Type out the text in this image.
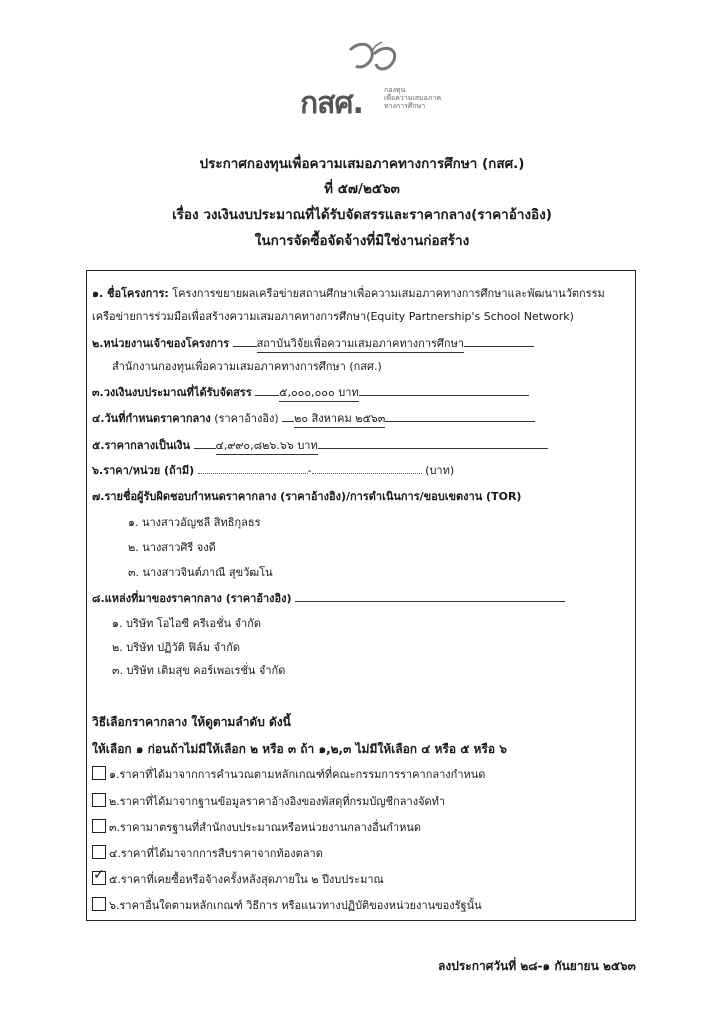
กสศ.	กองทุน
เพื่อความเสมอภาค
ทางการศึกษา
ประกาศกองทุนเพื่อความเสมอภาคทางการศึกษา (กสศ.)
ที่ ๕๗/๒๕๖๓
เรื่อง วงเงินงบประมาณที่ได้รับจัดสรรและราคากลาง(ราคาอ้างอิง)
ในการจัดซื้อจัดจ้างที่มิใช่งานก่อสร้าง
๑. ชื่อโครงการ: โครงการขยายผลเครือข่ายสถานศึกษาเพื่อความเสมอภาคทางการศึกษาและพัฒนานวัตกรรม
เครือข่ายการร่วมมือเพื่อสร้างความเสมอภาคทางการศึกษา(Equity Partnership's School Network)
๒.หน่วยงานเจ้าของโครงการ	สถาบันวิจัยเพื่อความเสมอภาคทางการศึกษา
สำนักงานกองทุนเพื่อความเสมอภาคทางการศึกษา (กสศ.)
๓.วงเงินงบประมาณที่ได้รับจัดสรร	๕,๐๐๐,๐๐๐ บาท
๔.วันที่กำหนดราคากลาง (ราคาอ้างอิง) ๒๐ สิงหาคม ๒๕๖๓
๕.ราคากลางเป็นเงิน ๔,๙๙๐,๘๒๖.๖๖ บาท
๖.ราคา/หน่วย (ถ้ามี)	-	(บาท)
๗.รายชื่อผู้รับผิดชอบกำหนดราคากลาง (ราคาอ้างอิง)/การดำเนินการ/ขอบเขตงาน (TOR)
๑. นางสาวอัญชลี สิทธิกุลธร
๒. นางสาวศิรี จงดี
๓. นางสาวจินต์ภาณี สุขวัฒโน
๘.แหล่งที่มาของราคากลาง (ราคาอ้างอิง)
๑. บริษัท โอไอซี ครีเอชั่น จำกัด
๒. บริษัท ปฏิวัติ ฟิล์ม จำกัด
๓. บริษัท เติมสุข คอร์เพอเรชั่น จำกัด
วิธีเลือกราคากลาง ให้ดูตามลำดับ ดังนี้
ให้เลือก ๑ ก่อนถ้าไม่มีให้เลือก ๒ หรือ ๓ ถ้า ๑,๒,๓ ไม่มีให้เลือก ๔ หรือ ๕ หรือ ๖
๑.ราคาที่ได้มาจากการคำนวณตามหลักเกณฑ์ที่คณะกรรมการราคากลางกำหนด
๒.ราคาที่ได้มาจากฐานข้อมูลราคาอ้างอิงของพัสดุที่กรมบัญชีกลางจัดทำ
๓.ราคามาตรฐานที่สำนักงบประมาณหรือหน่วยงานกลางอื่นกำหนด
๔.ราคาที่ได้มาจากการสืบราคาจากท้องตลาด
✓๕.ราคาที่เคยซื้อหรือจ้างครั้งหลังสุดภายใน ๒ ปีงบประมาณ
๖.ราคาอื่นใดตามหลักเกณฑ์ วิธีการ หรือแนวทางปฏิบัติของหน่วยงานของรัฐนั้น
ลงประกาศวันที่ ๒๘-๑ กันยายน ๒๕๖๓
